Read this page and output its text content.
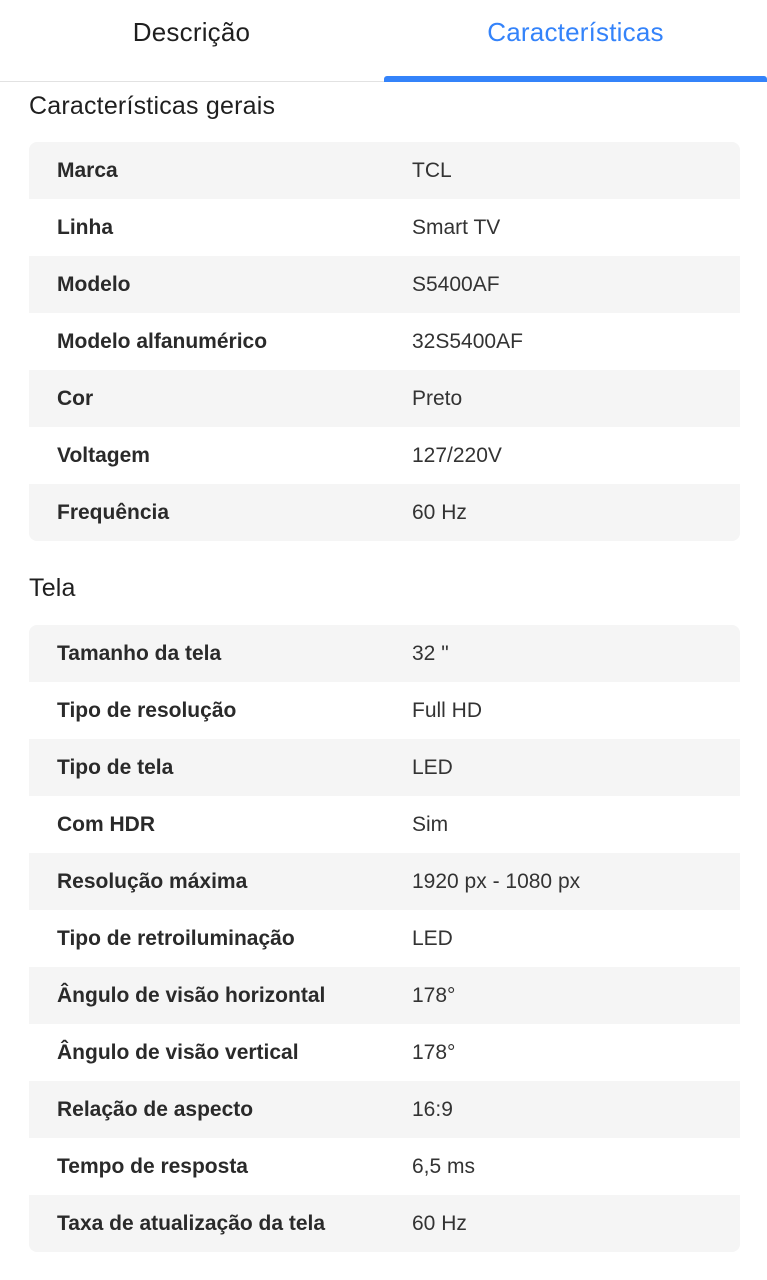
Descrição	Características
Características gerais
Marca	TCL
Linha	Smart TV
Modelo	S5400AF
Modelo alfanumérico	32S5400AF
Cor	Preto
Voltagem	127/220V
Frequência	60 Hz
Tela
Tamanho da tela	32 "
Tipo de resolução	Full HD
Tipo de tela	LED
Com HDR	Sim
Resolução máxima	1920 px - 1080 px
Tipo de retroiluminação	LED
Ângulo de visão horizontal	178°
Ângulo de visão vertical	178°
Relação de aspecto	16:9
Tempo de resposta	6,5 ms
Taxa de atualização da tela	60 Hz
